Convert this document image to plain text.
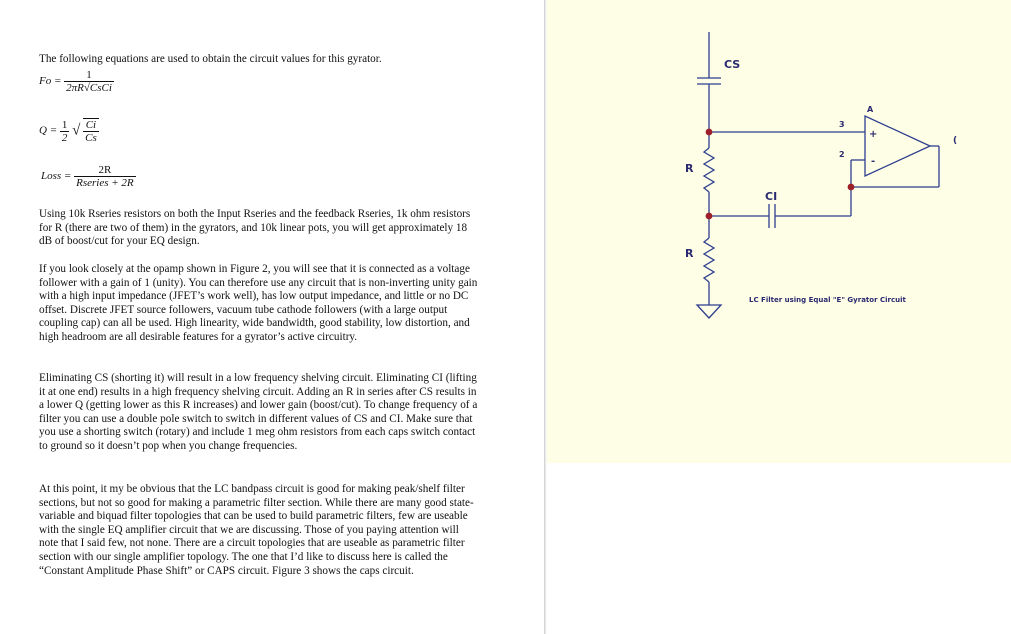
The following equations are used to obtain the circuit values for this gyrator.
$Fo = \frac{1}{\text{2πR√CsCi}}$
$Q = \frac{1}{2}$ √ $\frac{Ci}{Cs}$
Loss = $\frac{2R}{\text{Rseries + 2R}}$

Using 10k Rseries resistors on both the Input Rseries and the feedback Rseries, 1k ohm resistors for R (there are two of them) in the gyrators, and 10k linear pots, you will get approximately 18 dB of boost/cut for your EQ design.

If you look closely at the opamp shown in Figure 2, you will see that it is connected as a voltage follower with a gain of 1 (unity). You can therefore use any circuit that is non-inverting unity gain with a high input impedance (JFET’s work well), has low output impedance, and little or no DC offset. Discrete JFET source followers, vacuum tube cathode followers (with a large output coupling cap) can all be used. High linearity, wide bandwidth, good stability, low distortion, and high headroom are all desirable features for a gyrator’s active circuitry.

Eliminating CS (shorting it) will result in a low frequency shelving circuit. Eliminating CI (lifting it at one end) results in a high frequency shelving circuit. Adding an R in series after CS results in a lower Q (getting lower as this R increases) and lower gain (boost/cut). To change frequency of a filter you can use a double pole switch to switch in different values of CS and CI. Make sure that you use a shorting switch (rotary) and include 1 meg ohm resistors from each caps switch contact to ground so it doesn’t pop when you change frequencies.

At this point, it my be obvious that the LC bandpass circuit is good for making peak/shelf filter sections, but not so good for making a parametric filter section. While there are many good state-variable and biquad filter topologies that can be used to build parametric filters, few are useable with the single EQ amplifier circuit that we are discussing. Those of you paying attention will note that I said few, not none. There are a circuit topologies that are useable as parametric filter section with our single amplifier topology. The one that I’d like to discuss here is called the “Constant Amplitude Phase Shift” or CAPS circuit. Figure 3 shows the caps circuit.

CS
CI
R
R
A
3
2
+
-
(
LC Filter using Equal "E" Gyrator Circuit
